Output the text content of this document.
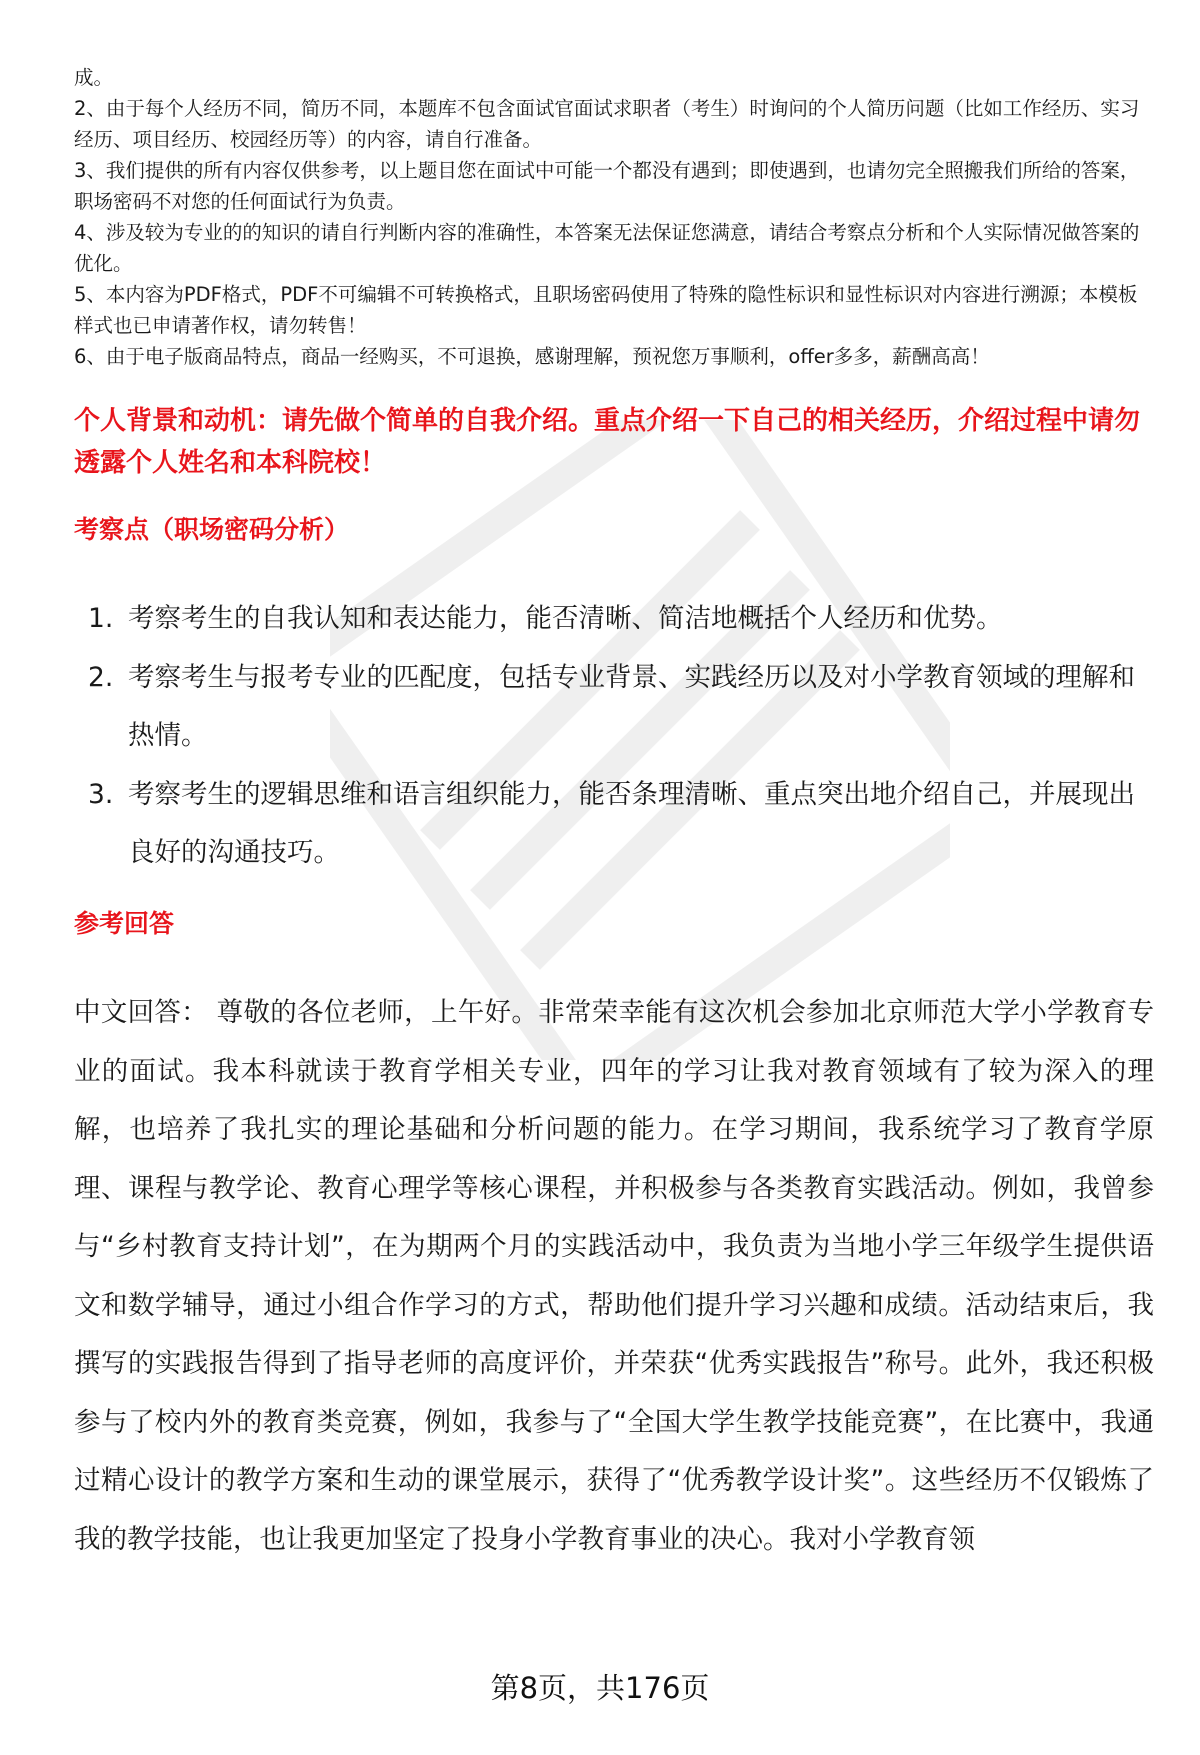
成。

2、由于每个人经历不同，简历不同，本题库不包含面试官面试求职者（考生）时询问的个人简历问题（比如工作经历、实习经历、项目经历、校园经历等）的内容，请自行准备。

3、我们提供的所有内容仅供参考，以上题目您在面试中可能一个都没有遇到；即使遇到，也请勿完全照搬我们所给的答案，职场密码不对您的任何面试行为负责。

4、涉及较为专业的的知识的请自行判断内容的准确性，本答案无法保证您满意，请结合考察点分析和个人实际情况做答案的优化。

5、本内容为PDF格式，PDF不可编辑不可转换格式，且职场密码使用了特殊的隐性标识和显性标识对内容进行溯源；本模板样式也已申请著作权，请勿转售！

6、由于电子版商品特点，商品一经购买，不可退换，感谢理解，预祝您万事顺利，offer多多，薪酬高高！

个人背景和动机：请先做个简单的自我介绍。重点介绍一下自己的相关经历，介绍过程中请勿透露个人姓名和本科院校！
考察点（职场密码分析）
1. 考察考生的自我认知和表达能力，能否清晰、简洁地概括个人经历和优势。
2. 考察考生与报考专业的匹配度，包括专业背景、实践经历以及对小学教育领域的理解和热情。
3. 考察考生的逻辑思维和语言组织能力，能否条理清晰、重点突出地介绍自己，并展现出良好的沟通技巧。
参考回答

中文回答： 尊敬的各位老师，上午好。非常荣幸能有这次机会参加北京师范大学小学教育专业的面试。我本科就读于教育学相关专业，四年的学习让我对教育领域有了较为深入的理解，也培养了我扎实的理论基础和分析问题的能力。在学习期间，我系统学习了教育学原理、课程与教学论、教育心理学等核心课程，并积极参与各类教育实践活动。例如，我曾参与“乡村教育支持计划”，在为期两个月的实践活动中，我负责为当地小学三年级学生提供语文和数学辅导，通过小组合作学习的方式，帮助他们提升学习兴趣和成绩。活动结束后，我撰写的实践报告得到了指导老师的高度评价，并荣获“优秀实践报告”称号。此外，我还积极参与了校内外的教育类竞赛，例如，我参与了“全国大学生教学技能竞赛”，在比赛中，我通过精心设计的教学方案和生动的课堂展示，获得了“优秀教学设计奖”。这些经历不仅锻炼了我的教学技能，也让我更加坚定了投身小学教育事业的决心。我对小学教育领

第8页，共176页
